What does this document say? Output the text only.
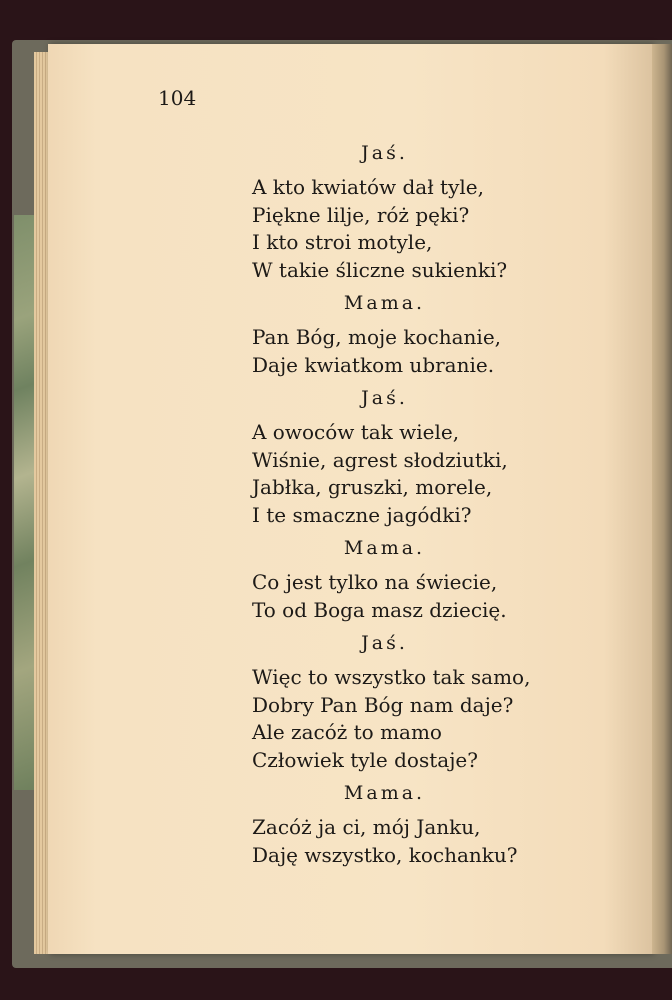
104
Jaś.
A kto kwiatów dał tyle,
Piękne lilje, róż pęki?
I kto stroi motyle,
W takie śliczne sukienki?
Mama.
Pan Bóg, moje kochanie,
Daje kwiatkom ubranie.
Jaś.
A owoców tak wiele,
Wiśnie, agrest słodziutki,
Jabłka, gruszki, morele,
I te smaczne jagódki?
Mama.
Co jest tylko na świecie,
To od Boga masz dziecię.
Jaś.
Więc to wszystko tak samo,
Dobry Pan Bóg nam daje?
Ale zacóż to mamo
Człowiek tyle dostaje?
Mama.
Zacóż ja ci, mój Janku,
Daję wszystko, kochanku?
